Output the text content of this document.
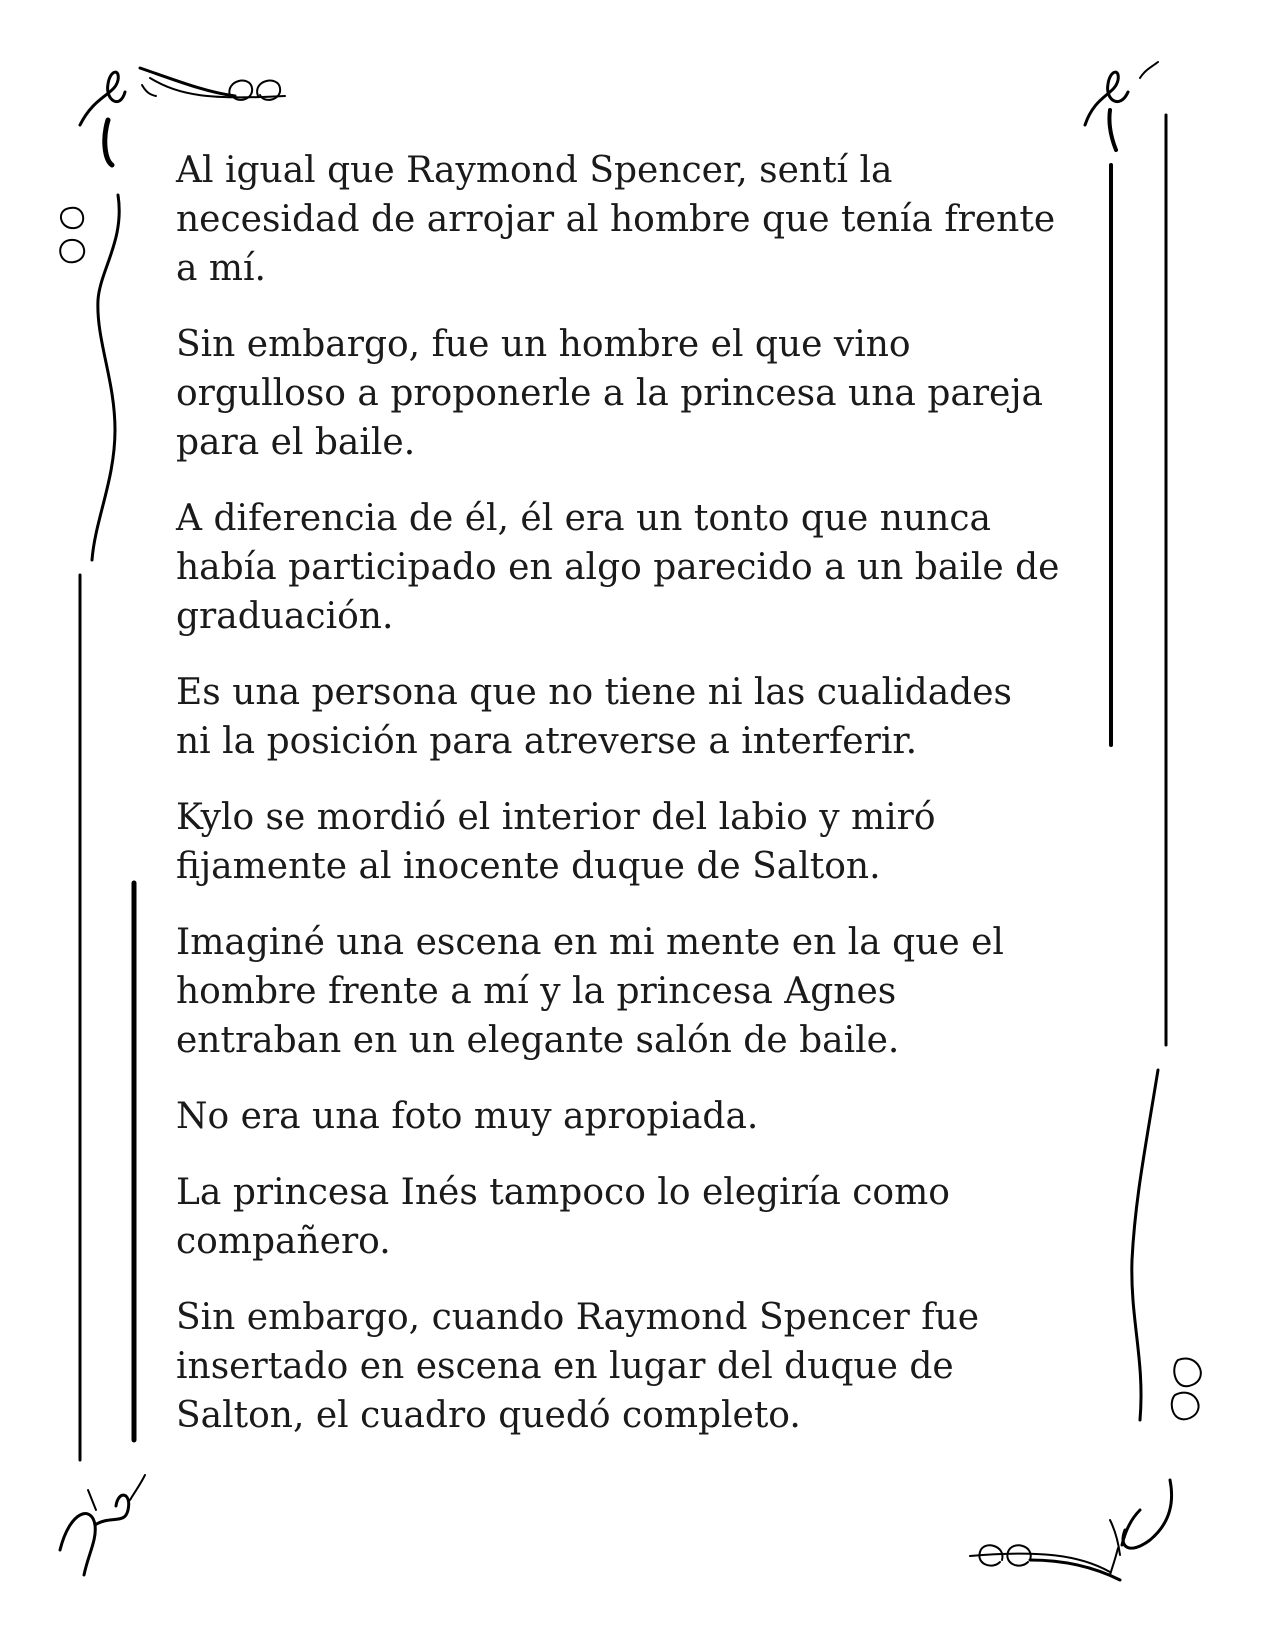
Al igual que Raymond Spencer, sentí la
necesidad de arrojar al hombre que tenía frente
a mí.

Sin embargo, fue un hombre el que vino
orgulloso a proponerle a la princesa una pareja
para el baile.

A diferencia de él, él era un tonto que nunca
había participado en algo parecido a un baile de
graduación.

Es una persona que no tiene ni las cualidades
ni la posición para atreverse a interferir.

Kylo se mordió el interior del labio y miró
fijamente al inocente duque de Salton.

Imaginé una escena en mi mente en la que el
hombre frente a mí y la princesa Agnes
entraban en un elegante salón de baile.

No era una foto muy apropiada.

La princesa Inés tampoco lo elegiría como
compañero.

Sin embargo, cuando Raymond Spencer fue
insertado en escena en lugar del duque de
Salton, el cuadro quedó completo.
